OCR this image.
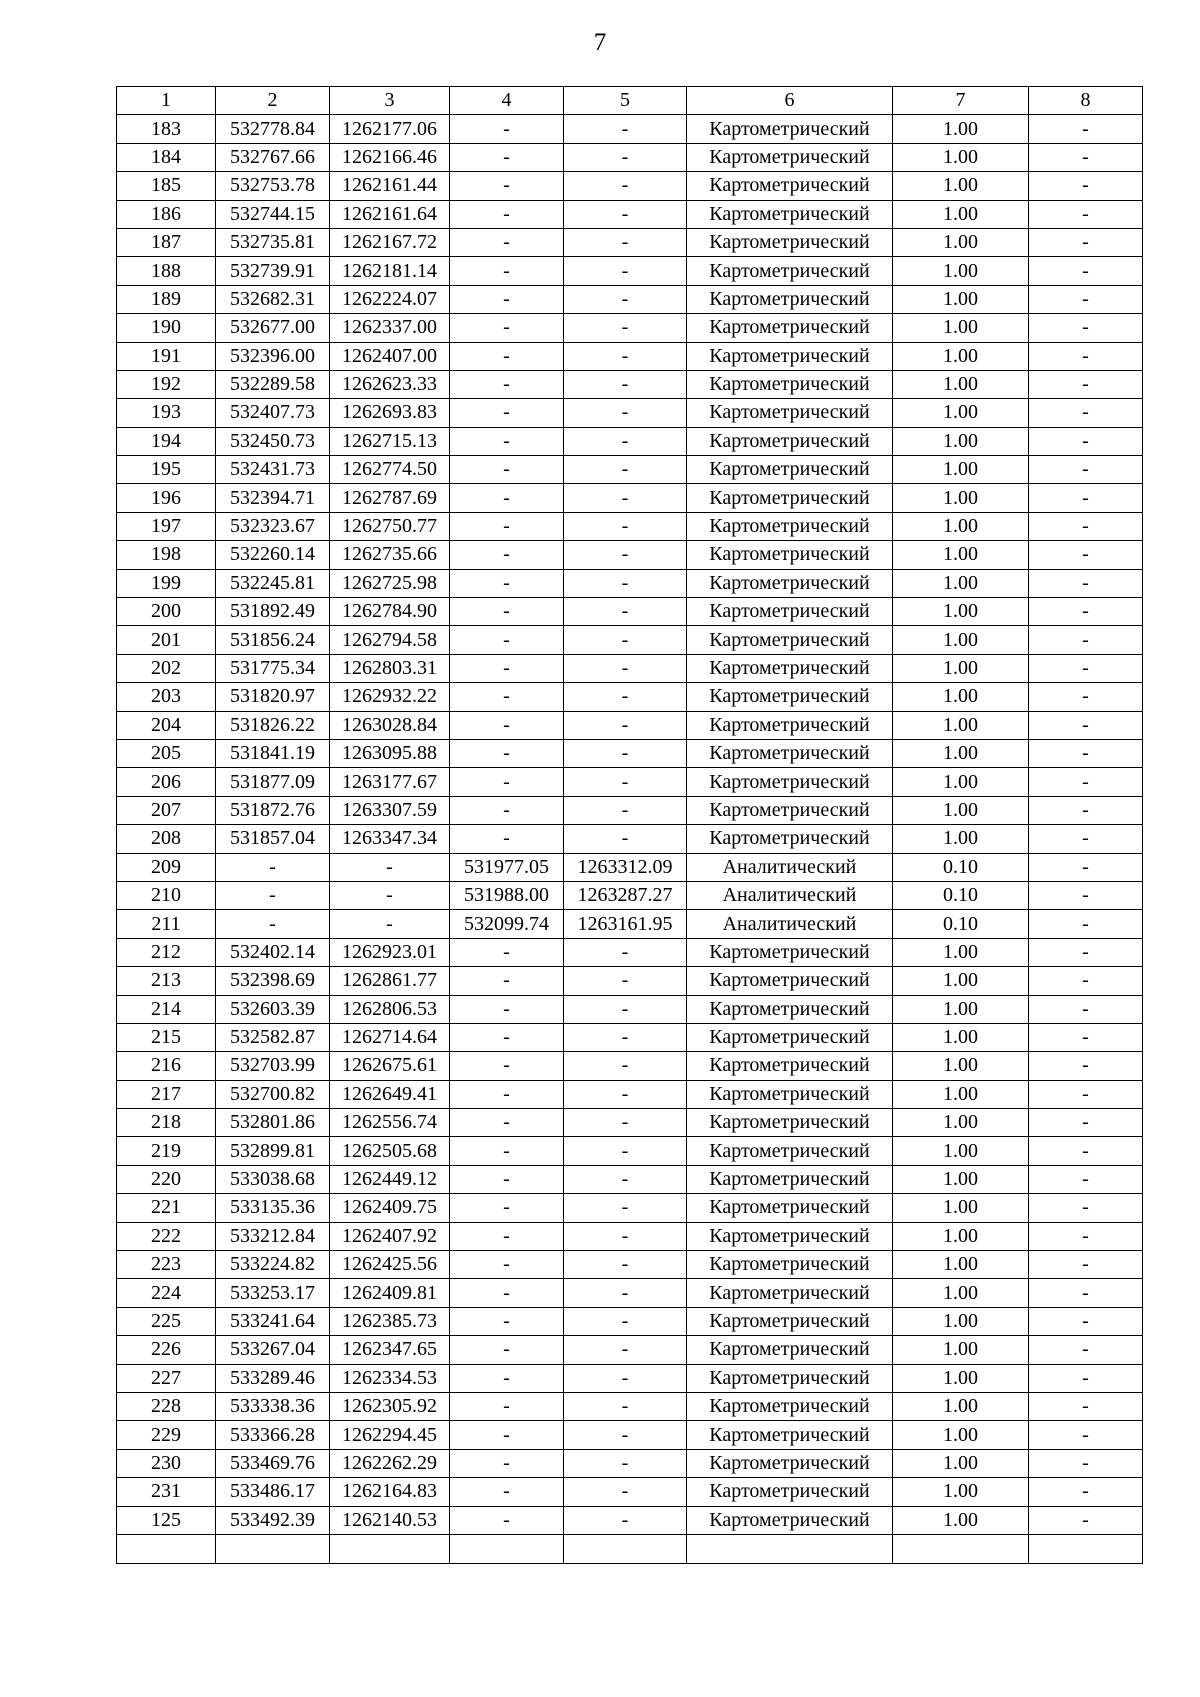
7
1	2	3	4	5	6	7	8
183	532778.84	1262177.06	-	-	Картометрический	1.00	-
184	532767.66	1262166.46	-	-	Картометрический	1.00	-
185	532753.78	1262161.44	-	-	Картометрический	1.00	-
186	532744.15	1262161.64	-	-	Картометрический	1.00	-
187	532735.81	1262167.72	-	-	Картометрический	1.00	-
188	532739.91	1262181.14	-	-	Картометрический	1.00	-
189	532682.31	1262224.07	-	-	Картометрический	1.00	-
190	532677.00	1262337.00	-	-	Картометрический	1.00	-
191	532396.00	1262407.00	-	-	Картометрический	1.00	-
192	532289.58	1262623.33	-	-	Картометрический	1.00	-
193	532407.73	1262693.83	-	-	Картометрический	1.00	-
194	532450.73	1262715.13	-	-	Картометрический	1.00	-
195	532431.73	1262774.50	-	-	Картометрический	1.00	-
196	532394.71	1262787.69	-	-	Картометрический	1.00	-
197	532323.67	1262750.77	-	-	Картометрический	1.00	-
198	532260.14	1262735.66	-	-	Картометрический	1.00	-
199	532245.81	1262725.98	-	-	Картометрический	1.00	-
200	531892.49	1262784.90	-	-	Картометрический	1.00	-
201	531856.24	1262794.58	-	-	Картометрический	1.00	-
202	531775.34	1262803.31	-	-	Картометрический	1.00	-
203	531820.97	1262932.22	-	-	Картометрический	1.00	-
204	531826.22	1263028.84	-	-	Картометрический	1.00	-
205	531841.19	1263095.88	-	-	Картометрический	1.00	-
206	531877.09	1263177.67	-	-	Картометрический	1.00	-
207	531872.76	1263307.59	-	-	Картометрический	1.00	-
208	531857.04	1263347.34	-	-	Картометрический	1.00	-
209	-	-	531977.05	1263312.09	Аналитический	0.10	-
210	-	-	531988.00	1263287.27	Аналитический	0.10	-
211	-	-	532099.74	1263161.95	Аналитический	0.10	-
212	532402.14	1262923.01	-	-	Картометрический	1.00	-
213	532398.69	1262861.77	-	-	Картометрический	1.00	-
214	532603.39	1262806.53	-	-	Картометрический	1.00	-
215	532582.87	1262714.64	-	-	Картометрический	1.00	-
216	532703.99	1262675.61	-	-	Картометрический	1.00	-
217	532700.82	1262649.41	-	-	Картометрический	1.00	-
218	532801.86	1262556.74	-	-	Картометрический	1.00	-
219	532899.81	1262505.68	-	-	Картометрический	1.00	-
220	533038.68	1262449.12	-	-	Картометрический	1.00	-
221	533135.36	1262409.75	-	-	Картометрический	1.00	-
222	533212.84	1262407.92	-	-	Картометрический	1.00	-
223	533224.82	1262425.56	-	-	Картометрический	1.00	-
224	533253.17	1262409.81	-	-	Картометрический	1.00	-
225	533241.64	1262385.73	-	-	Картометрический	1.00	-
226	533267.04	1262347.65	-	-	Картометрический	1.00	-
227	533289.46	1262334.53	-	-	Картометрический	1.00	-
228	533338.36	1262305.92	-	-	Картометрический	1.00	-
229	533366.28	1262294.45	-	-	Картометрический	1.00	-
230	533469.76	1262262.29	-	-	Картометрический	1.00	-
231	533486.17	1262164.83	-	-	Картометрический	1.00	-
125	533492.39	1262140.53	-	-	Картометрический	1.00	-
